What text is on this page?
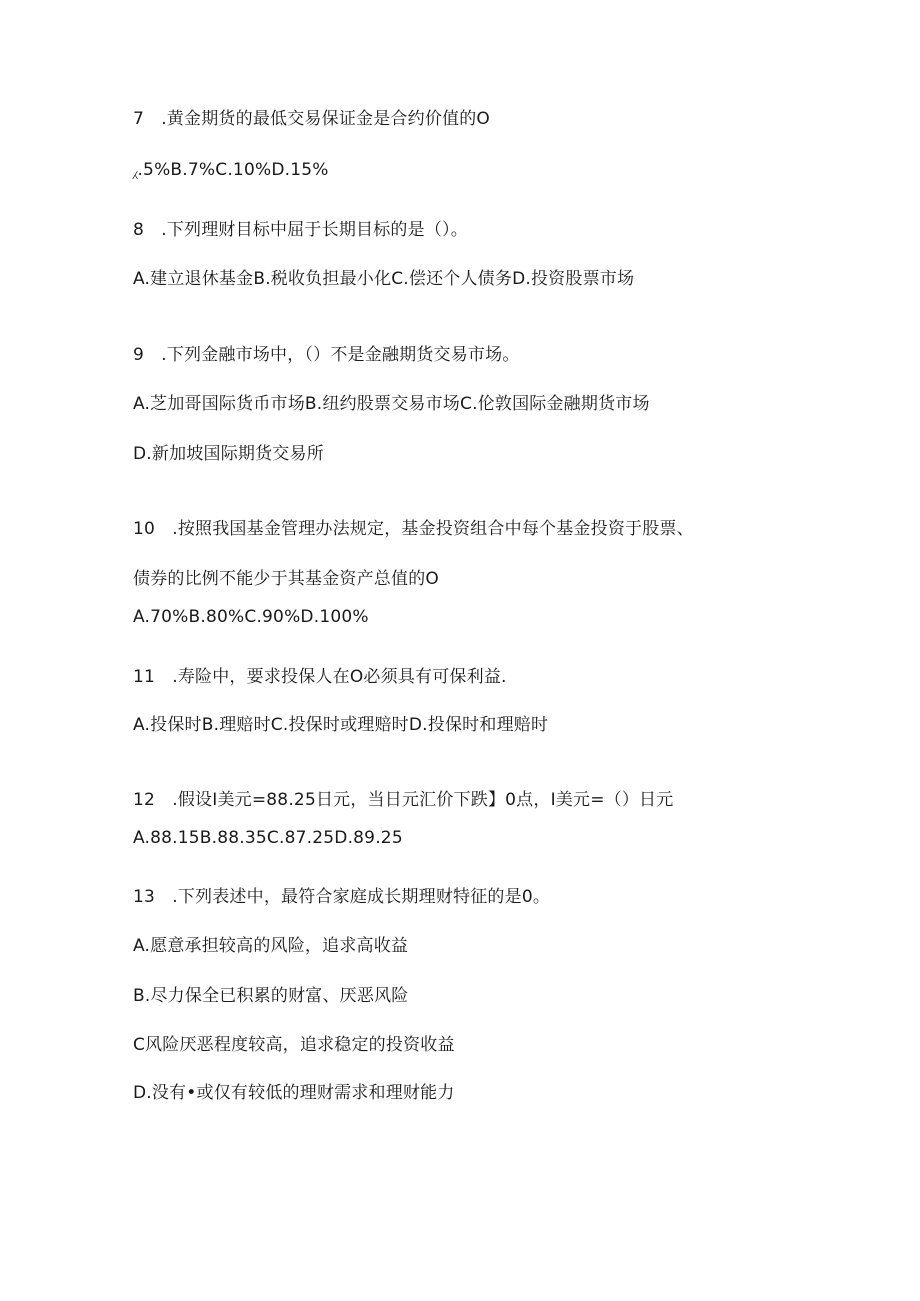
7　.黄金期货的最低交易保证金是合约价值的O
⁁.5%B.7%C.10%D.15%
8　.下列理财目标中屈于长期目标的是（）。
A.建立退休基金B.税收负担最小化C.偿还个人债务D.投资股票市场
9　.下列金融市场中，（）不是金融期货交易市场。
A.芝加哥国际货币市场B.纽约股票交易市场C.伦敦国际金融期货市场
D.新加坡国际期货交易所
10　.按照我国基金管理办法规定，基金投资组合中每个基金投资于股票、
债券的比例不能少于其基金资产总值的O
A.70%B.80%C.90%D.100%
11　.寿险中，要求投保人在O必须具有可保利益.
A.投保时B.理赔时C.投保时或理赔时D.投保时和理赔时
12　.假设I美元=88.25日元，当日元汇价下跌】0点，I美元=（）日元
A.88.15B.88.35C.87.25D.89.25
13　.下列表述中，最符合家庭成长期理财特征的是0。
A.愿意承担较高的风险，追求高收益
B.尽力保全已积累的财富、厌恶风险
C风险厌恶程度较高，追求稳定的投资收益
D.没有•或仅有较低的理财需求和理财能力
